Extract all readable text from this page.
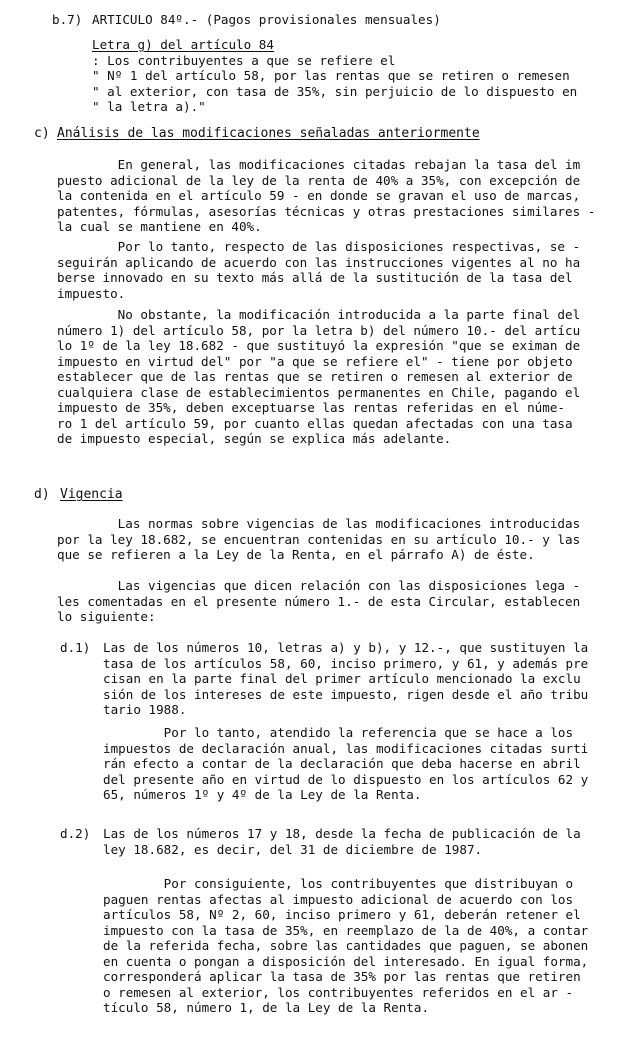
b.7) ARTICULO 84º.- (Pagos provisionales mensuales)
Letra g) del artículo 84
: Los contribuyentes a que se refiere el
" Nº 1 del artículo 58, por las rentas que se retiren o remesen
" al exterior, con tasa de 35%, sin perjuicio de lo dispuesto en
" la letra a)."
c) Análisis de las modificaciones señaladas anteriormente
En general, las modificaciones citadas rebajan la tasa del im
puesto adicional de la ley de la renta de 40% a 35%, con excepción de
la contenida en el artículo 59 - en donde se gravan el uso de marcas,
patentes, fórmulas, asesorías técnicas y otras prestaciones similares -
la cual se mantiene en 40%.
Por lo tanto, respecto de las disposiciones respectivas, se -
seguirán aplicando de acuerdo con las instrucciones vigentes al no ha
berse innovado en su texto más allá de la sustitución de la tasa del
impuesto.
No obstante, la modificación introducida a la parte final del
número 1) del artículo 58, por la letra b) del número 10.- del artícu
lo 1º de la ley 18.682 - que sustituyó la expresión "que se eximan de
impuesto en virtud del" por "a que se refiere el" - tiene por objeto
establecer que de las rentas que se retiren o remesen al exterior de
cualquiera clase de establecimientos permanentes en Chile, pagando el
impuesto de 35%, deben exceptuarse las rentas referidas en el núme-
ro 1 del artículo 59, por cuanto ellas quedan afectadas con una tasa
de impuesto especial, según se explica más adelante.
d) Vigencia
Las normas sobre vigencias de las modificaciones introducidas
por la ley 18.682, se encuentran contenidas en su artículo 10.- y las
que se refieren a la Ley de la Renta, en el párrafo A) de éste.
Las vigencias que dicen relación con las disposiciones lega -
les comentadas en el presente número 1.- de esta Circular, establecen
lo siguiente:
d.1) Las de los números 10, letras a) y b), y 12.-, que sustituyen la
tasa de los artículos 58, 60, inciso primero, y 61, y además pre
cisan en la parte final del primer artículo mencionado la exclu
sión de los intereses de este impuesto, rigen desde el año tribu
tario 1988.
Por lo tanto, atendido la referencia que se hace a los
impuestos de declaración anual, las modificaciones citadas surti
rán efecto a contar de la declaración que deba hacerse en abril
del presente año en virtud de lo dispuesto en los artículos 62 y
65, números 1º y 4º de la Ley de la Renta.
d.2) Las de los números 17 y 18, desde la fecha de publicación de la
ley 18.682, es decir, del 31 de diciembre de 1987.
Por consiguiente, los contribuyentes que distribuyan o
paguen rentas afectas al impuesto adicional de acuerdo con los
artículos 58, Nº 2, 60, inciso primero y 61, deberán retener el
impuesto con la tasa de 35%, en reemplazo de la de 40%, a contar
de la referida fecha, sobre las cantidades que paguen, se abonen
en cuenta o pongan a disposición del interesado. En igual forma,
corresponderá aplicar la tasa de 35% por las rentas que retiren
o remesen al exterior, los contribuyentes referidos en el ar -
tículo 58, número 1, de la Ley de la Renta.
